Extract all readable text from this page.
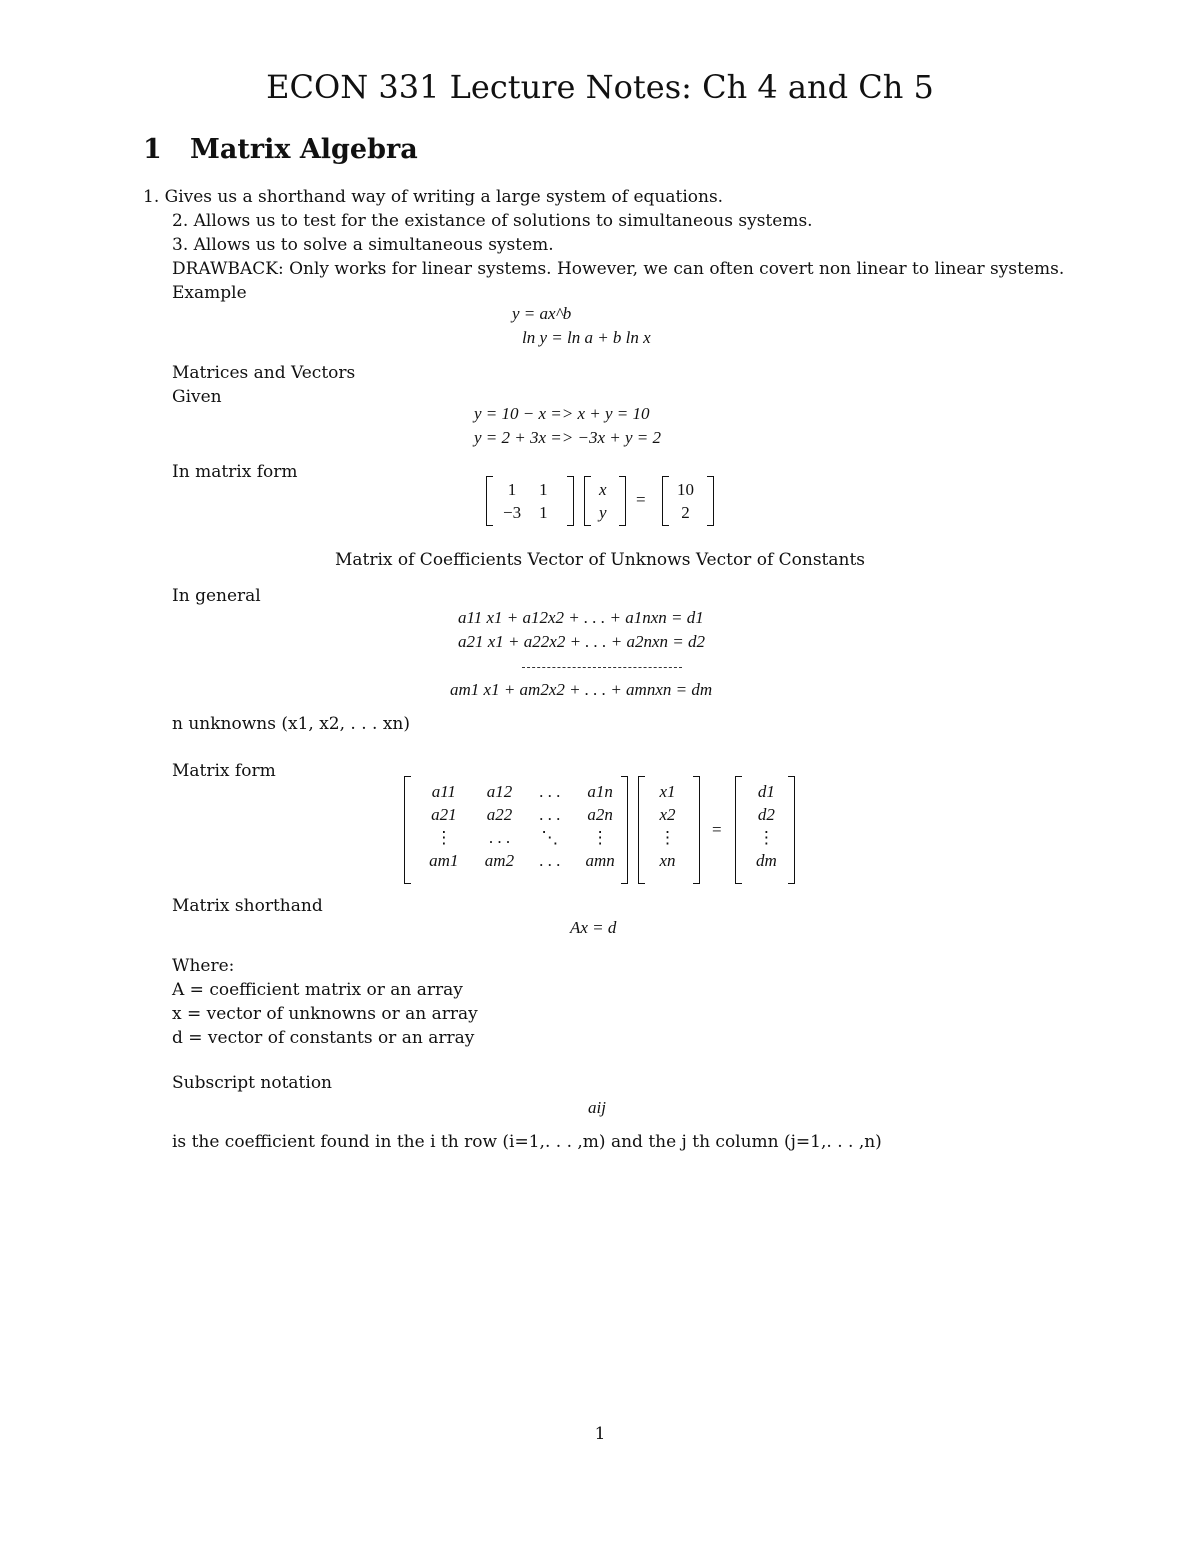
ECON 331 Lecture Notes: Ch 4 and Ch 5
1 Matrix Algebra
1. Gives us a shorthand way of writing a large system of equations.
2. Allows us to test for the existance of solutions to simultaneous systems.
3. Allows us to solve a simultaneous system.
DRAWBACK: Only works for linear systems. However, we can often covert non linear to linear systems.
Example
y = ax^b
ln y = ln a + b ln x
Matrices and Vectors
Given
y = 10 − x => x + y = 10
y = 2 + 3x => −3x + y = 2
In matrix form
1	1
−3	1
x
y
=
10
2
Matrix of Coefficients Vector of Unknows Vector of Constants
In general
a11 x1 + a12x2 + . . . + a1nxn = d1
a21 x1 + a22x2 + . . . + a2nxn = d2
am1 x1 + am2x2 + . . . + amnxn = dm
n unknowns (x1, x2, . . . xn)
Matrix form
a11	a12	. . .	a1n
a21	a22	. . .	a2n
⋮	. . .	⋱	⋮
am1	am2	. . .	amn
x1
x2
⋮
xn
=
d1
d2
⋮
dm
Matrix shorthand
Ax = d
Where:
A = coefficient matrix or an array
x = vector of unknowns or an array
d = vector of constants or an array
Subscript notation
aij
is the coefficient found in the i th row (i=1,. . . ,m) and the j th column (j=1,. . . ,n)
1
